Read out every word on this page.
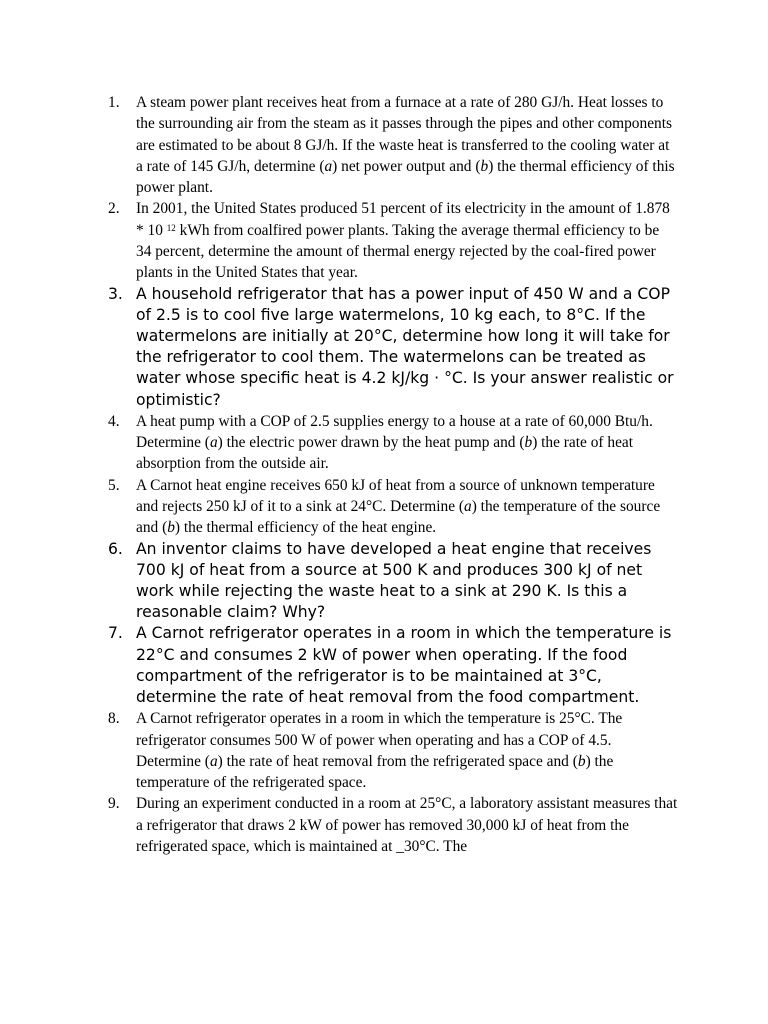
1.	A steam power plant receives heat from a furnace at a rate of 280 GJ/h. Heat losses to the surrounding air from the steam as it passes through the pipes and other components are estimated to be about 8 GJ/h. If the waste heat is transferred to the cooling water at a rate of 145 GJ/h, determine (a) net power output and (b) the thermal efficiency of this power plant.
2.	In 2001, the United States produced 51 percent of its electricity in the amount of 1.878 * 10 $^{12}$ kWh from coalfired power plants. Taking the average thermal efficiency to be 34 percent, determine the amount of thermal energy rejected by the coal-fired power plants in the United States that year.
3. A household refrigerator that has a power input of 450 W and a COP of 2.5 is to cool five large watermelons, 10 kg each, to 8°C. If the watermelons are initially at 20°C, determine how long it will take for the refrigerator to cool them. The watermelons can be treated as water whose specific heat is 4.2 kJ/kg · °C. Is your answer realistic or optimistic?
4.	A heat pump with a COP of 2.5 supplies energy to a house at a rate of 60,000 Btu/h. Determine (a) the electric power drawn by the heat pump and (b) the rate of heat absorption from the outside air.
5.	A Carnot heat engine receives 650 kJ of heat from a source of unknown temperature and rejects 250 kJ of it to a sink at 24°C. Determine (a) the temperature of the source and (b) the thermal efficiency of the heat engine.
6. An inventor claims to have developed a heat engine that receives 700 kJ of heat from a source at 500 K and produces 300 kJ of net work while rejecting the waste heat to a sink at 290 K. Is this a reasonable claim? Why?
7. A Carnot refrigerator operates in a room in which the temperature is 22°C and consumes 2 kW of power when operating. If the food compartment of the refrigerator is to be maintained at 3°C, determine the rate of heat removal from the food compartment.
8.	A Carnot refrigerator operates in a room in which the temperature is 25°C. The refrigerator consumes 500 W of power when operating and has a COP of 4.5. Determine (a) the rate of heat removal from the refrigerated space and (b) the temperature of the refrigerated space.
9.	During an experiment conducted in a room at 25°C, a laboratory assistant measures that a refrigerator that draws 2 kW of power has removed 30,000 kJ of heat from the refrigerated space, which is maintained at _30°C. The
